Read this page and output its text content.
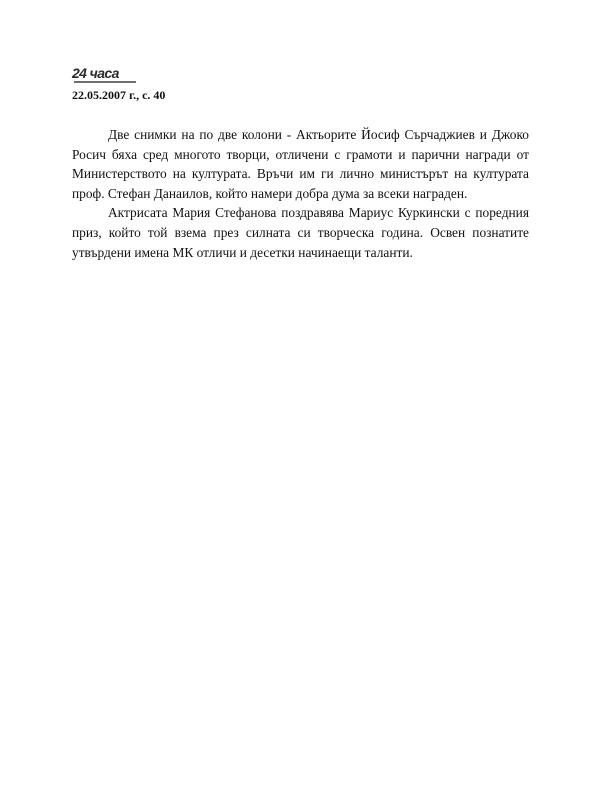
24 часа
22.05.2007 г., с. 40

Две снимки на по две колони - Актьорите Йосиф Сърчаджиев и Джоко Росич бяха сред многото творци, отличени с грамоти и парични награди от Министерството на културата. Връчи им ги лично министърът на културата проф. Стефан Данаилов, който намери добра дума за всеки награден.

Актрисата Мария Стефанова поздравява Мариус Куркински с поредния приз, който той взема през силната си творческа година. Освен познатите утвърдени имена МК отличи и десетки начинаещи таланти.
